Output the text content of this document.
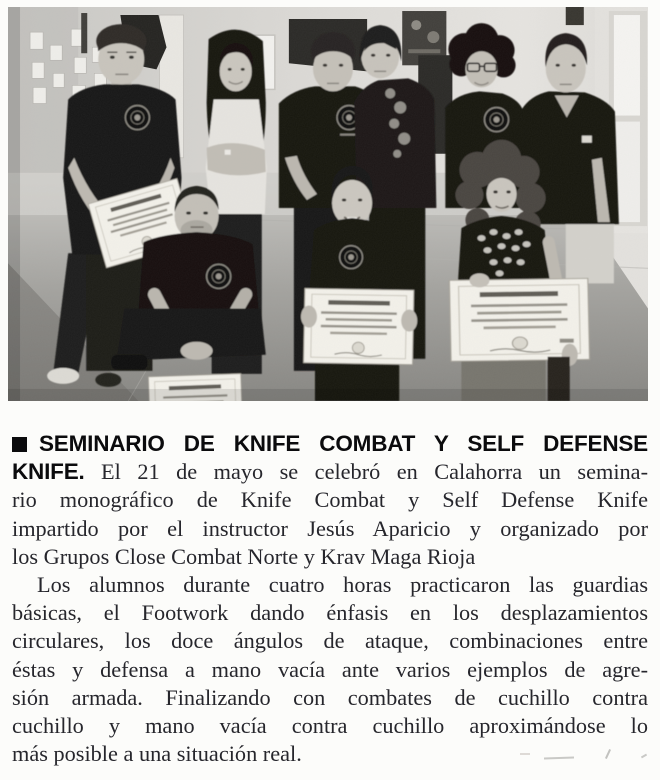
SEMINARIO DE KNIFE COMBAT Y SELF DEFENSE
KNIFE. El 21 de mayo se celebró en Calahorra un semina-
rio monográfico de Knife Combat y Self Defense Knife
impartido por el instructor Jesús Aparicio y organizado por
los Grupos Close Combat Norte y Krav Maga Rioja
Los alumnos durante cuatro horas practicaron las guardias
básicas, el Footwork dando énfasis en los desplazamientos
circulares, los doce ángulos de ataque, combinaciones entre
éstas y defensa a mano vacía ante varios ejemplos de agre-
sión armada. Finalizando con combates de cuchillo contra
cuchillo y mano vacía contra cuchillo aproximándose lo
más posible a una situación real.
